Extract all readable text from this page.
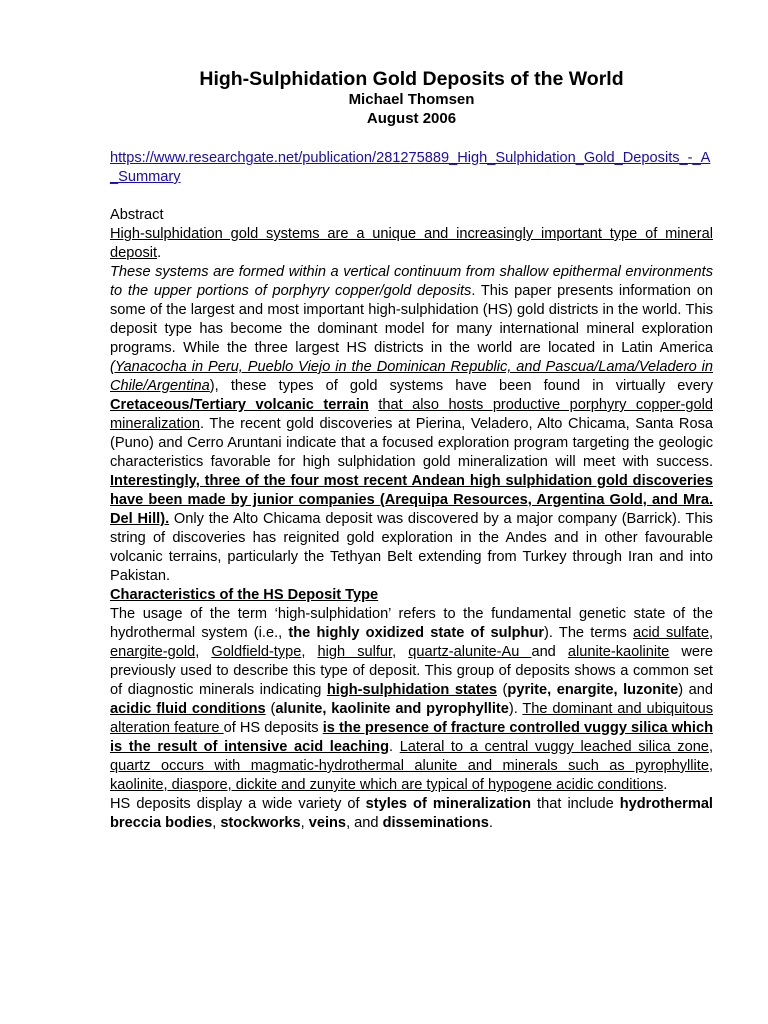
High-Sulphidation Gold Deposits of the World
Michael Thomsen
August 2006
https://www.researchgate.net/publication/281275889_High_Sulphidation_Gold_Deposits_-_A_Summary
Abstract

High-sulphidation gold systems are a unique and increasingly important type of mineral deposit.

These systems are formed within a vertical continuum from shallow epithermal environments to the upper portions of porphyry copper/gold deposits. This paper presents information on some of the largest and most important high-sulphidation (HS) gold districts in the world. This deposit type has become the dominant model for many international mineral exploration programs. While the three largest HS districts in the world are located in Latin America (Yanacocha in Peru, Pueblo Viejo in the Dominican Republic, and Pascua/Lama/Veladero in Chile/Argentina), these types of gold systems have been found in virtually every Cretaceous/Tertiary volcanic terrain that also hosts productive porphyry copper-gold mineralization. The recent gold discoveries at Pierina, Veladero, Alto Chicama, Santa Rosa (Puno) and Cerro Aruntani indicate that a focused exploration program targeting the geologic characteristics favorable for high sulphidation gold mineralization will meet with success. Interestingly, three of the four most recent Andean high sulphidation gold discoveries have been made by junior companies (Arequipa Resources, Argentina Gold, and Mra. Del Hill). Only the Alto Chicama deposit was discovered by a major company (Barrick). This string of discoveries has reignited gold exploration in the Andes and in other favourable volcanic terrains, particularly the Tethyan Belt extending from Turkey through Iran and into Pakistan.

Characteristics of the HS Deposit Type

The usage of the term ‘high-sulphidation’ refers to the fundamental genetic state of the hydrothermal system (i.e., the highly oxidized state of sulphur). The terms acid sulfate, enargite-gold, Goldfield-type, high sulfur, quartz-alunite-Au and alunite-kaolinite were previously used to describe this type of deposit. This group of deposits shows a common set of diagnostic minerals indicating high-sulphidation states (pyrite, enargite, luzonite) and acidic fluid conditions (alunite, kaolinite and pyrophyllite). The dominant and ubiquitous alteration feature of HS deposits is the presence of fracture controlled vuggy silica which is the result of intensive acid leaching. Lateral to a central vuggy leached silica zone, quartz occurs with magmatic-hydrothermal alunite and minerals such as pyrophyllite, kaolinite, diaspore, dickite and zunyite which are typical of hypogene acidic conditions.

HS deposits display a wide variety of styles of mineralization that include hydrothermal breccia bodies, stockworks, veins, and disseminations.
